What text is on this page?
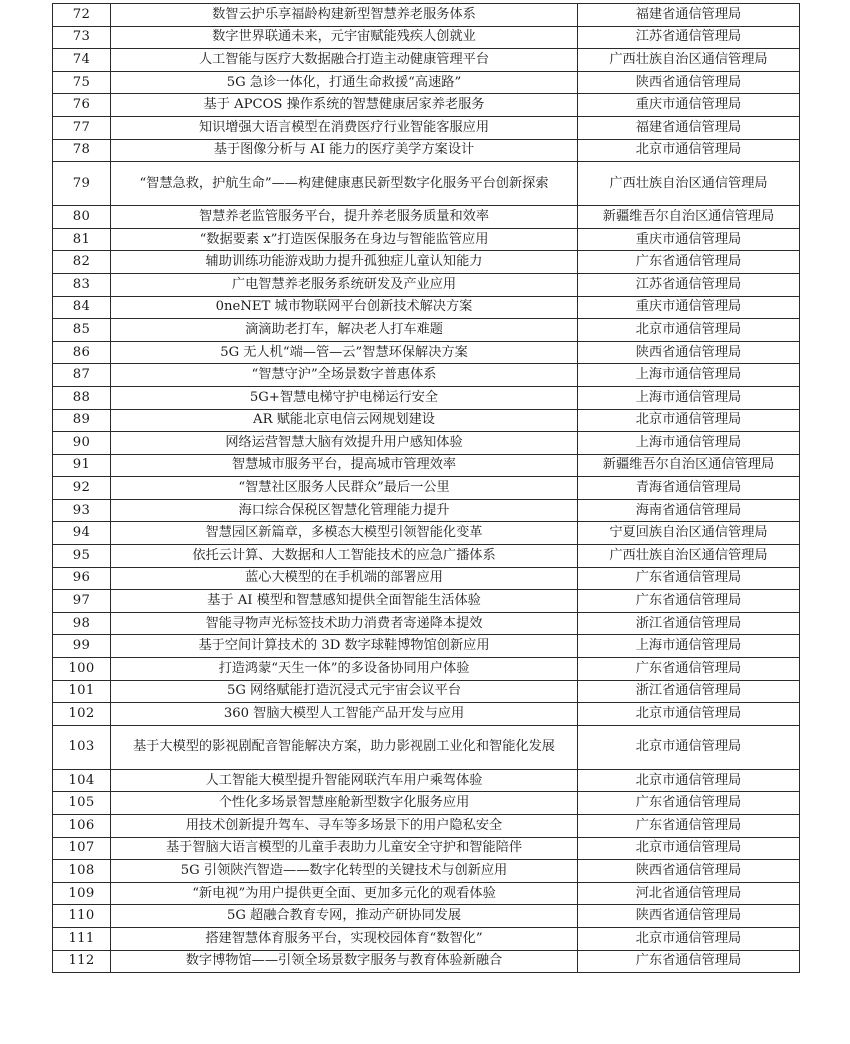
72	数智云护乐享福龄构建新型智慧养老服务体系	福建省通信管理局
73	数字世界联通未来，元宇宙赋能残疾人创就业	江苏省通信管理局
74	人工智能与医疗大数据融合打造主动健康管理平台	广西壮族自治区通信管理局
75	5G 急诊一体化，打通生命救援“高速路”	陕西省通信管理局
76	基于 APCOS 操作系统的智慧健康居家养老服务	重庆市通信管理局
77	知识增强大语言模型在消费医疗行业智能客服应用	福建省通信管理局
78	基于图像分析与 AI 能力的医疗美学方案设计	北京市通信管理局
79	“智慧急救，护航生命”——构建健康惠民新型数字化服务平台创新探索	广西壮族自治区通信管理局
80	智慧养老监管服务平台，提升养老服务质量和效率	新疆维吾尔自治区通信管理局
81	“数据要素 x”打造医保服务在身边与智能监管应用	重庆市通信管理局
82	辅助训练功能游戏助力提升孤独症儿童认知能力	广东省通信管理局
83	广电智慧养老服务系统研发及产业应用	江苏省通信管理局
84	0neNET 城市物联网平台创新技术解决方案	重庆市通信管理局
85	滴滴助老打车，解决老人打车难题	北京市通信管理局
86	5G 无人机“端—管—云”智慧环保解决方案	陕西省通信管理局
87	“智慧守沪”全场景数字普惠体系	上海市通信管理局
88	5G+智慧电梯守护电梯运行安全	上海市通信管理局
89	AR 赋能北京电信云网规划建设	北京市通信管理局
90	网络运营智慧大脑有效提升用户感知体验	上海市通信管理局
91	智慧城市服务平台，提高城市管理效率	新疆维吾尔自治区通信管理局
92	“智慧社区服务人民群众”最后一公里	青海省通信管理局
93	海口综合保税区智慧化管理能力提升	海南省通信管理局
94	智慧园区新篇章，多模态大模型引领智能化变革	宁夏回族自治区通信管理局
95	依托云计算、大数据和人工智能技术的应急广播体系	广西壮族自治区通信管理局
96	蓝心大模型的在手机端的部署应用	广东省通信管理局
97	基于 AI 模型和智慧感知提供全面智能生活体验	广东省通信管理局
98	智能寻物声光标签技术助力消费者寄递降本提效	浙江省通信管理局
99	基于空间计算技术的 3D 数字球鞋博物馆创新应用	上海市通信管理局
100	打造鸿蒙“天生一体”的多设备协同用户体验	广东省通信管理局
101	5G 网络赋能打造沉浸式元宇宙会议平台	浙江省通信管理局
102	360 智脑大模型人工智能产品开发与应用	北京市通信管理局
103	基于大模型的影视剧配音智能解决方案，助力影视剧工业化和智能化发展	北京市通信管理局
104	人工智能大模型提升智能网联汽车用户乘驾体验	北京市通信管理局
105	个性化多场景智慧座舱新型数字化服务应用	广东省通信管理局
106	用技术创新提升驾车、寻车等多场景下的用户隐私安全	广东省通信管理局
107	基于智脑大语言模型的儿童手表助力儿童安全守护和智能陪伴	北京市通信管理局
108	5G 引领陕汽智造——数字化转型的关键技术与创新应用	陕西省通信管理局
109	“新电视”为用户提供更全面、更加多元化的观看体验	河北省通信管理局
110	5G 超融合教育专网，推动产研协同发展	陕西省通信管理局
111	搭建智慧体育服务平台，实现校园体育“数智化”	北京市通信管理局
112	数字博物馆——引领全场景数字服务与教育体验新融合	广东省通信管理局
